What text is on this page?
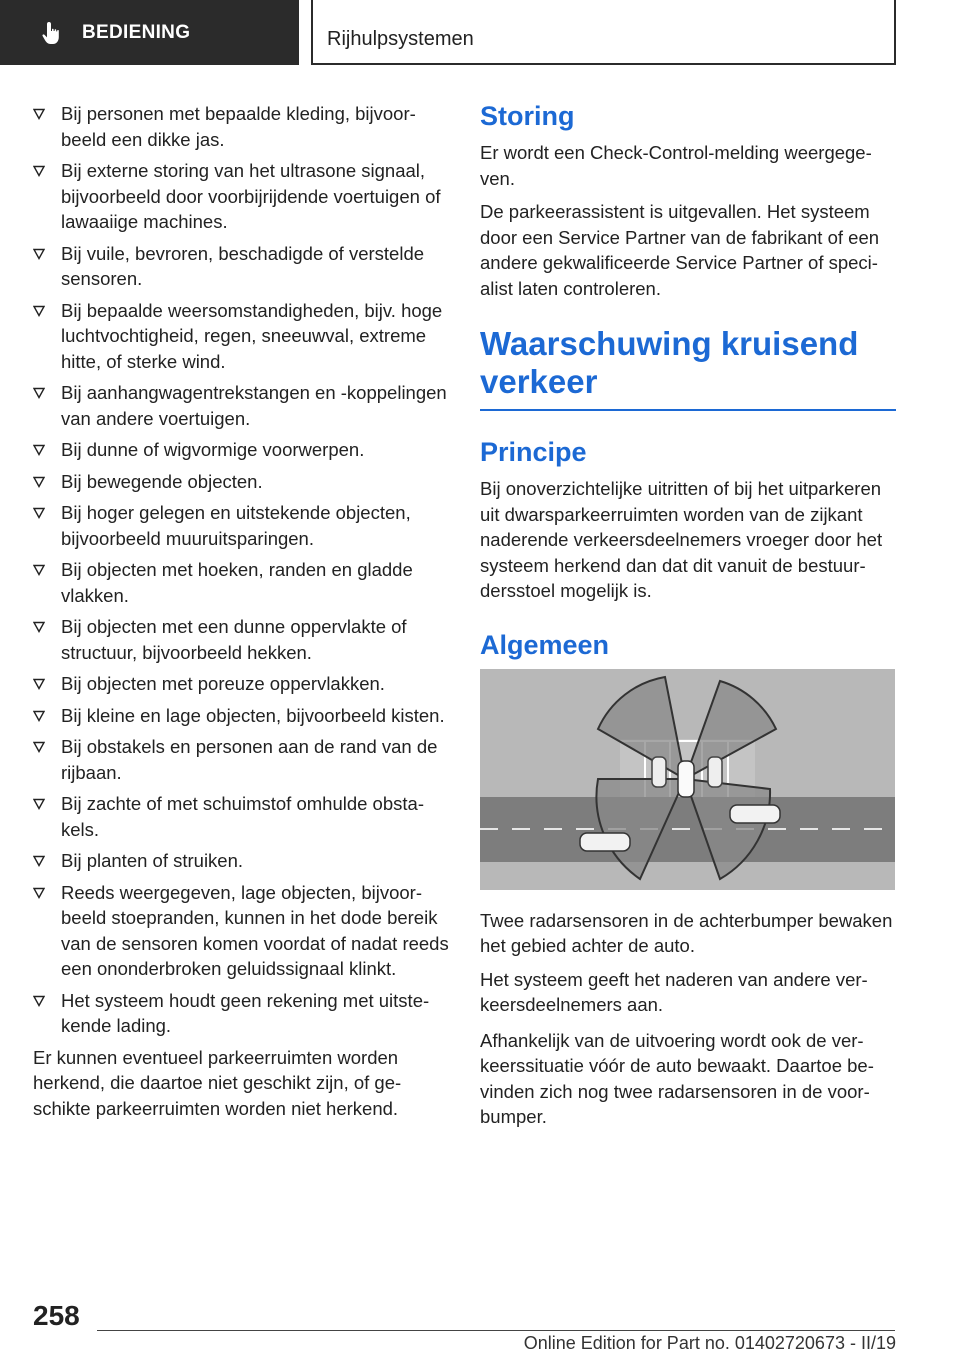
BEDIENING	Rijhulpsystemen
Bij personen met bepaalde kleding, bijvoorbeeld een dikke jas.
Bij externe storing van het ultrasone signaal, bijvoorbeeld door voorbijrijdende voertuigen of lawaaiige machines.
Bij vuile, bevroren, beschadigde of verstelde sensoren.
Bij bepaalde weersomstandigheden, bijv. hoge luchtvochtigheid, regen, sneeuwval, extreme hitte, of sterke wind.
Bij aanhangwagentrekstangen en -koppelingen van andere voertuigen.
Bij dunne of wigvormige voorwerpen.
Bij bewegende objecten.
Bij hoger gelegen en uitstekende objecten, bijvoorbeeld muuruitsparingen.
Bij objecten met hoeken, randen en gladde vlakken.
Bij objecten met een dunne oppervlakte of structuur, bijvoorbeeld hekken.
Bij objecten met poreuze oppervlakken.
Bij kleine en lage objecten, bijvoorbeeld kisten.
Bij obstakels en personen aan de rand van de rijbaan.
Bij zachte of met schuimstof omhulde obstakels.
Bij planten of struiken.
Reeds weergegeven, lage objecten, bijvoorbeeld stoepranden, kunnen in het dode bereik van de sensoren komen voordat of nadat reeds een ononderbroken geluidssignaal klinkt.
Het systeem houdt geen rekening met uitstekende lading.

Er kunnen eventueel parkeerruimten worden herkend, die daartoe niet geschikt zijn, of geschikte parkeerruimten worden niet herkend.

Storing

Er wordt een Check-Control-melding weergegeven.

De parkeerassistent is uitgevallen. Het systeem door een Service Partner van de fabrikant of een andere gekwalificeerde Service Partner of specialist laten controleren.

Waarschuwing kruisend verkeer
Principe

Bij onoverzichtelijke uitritten of bij het uitparkeren uit dwarsparkeerruimten worden van de zijkant naderende verkeersdeelnemers vroeger door het systeem herkend dan dat dit vanuit de bestuurdersstoel mogelijk is.

Algemeen

Twee radarsensoren in de achterbumper bewaken het gebied achter de auto.

Het systeem geeft het naderen van andere verkeersdeelnemers aan.

Afhankelijk van de uitvoering wordt ook de verkeerssituatie vóór de auto bewaakt. Daartoe bevinden zich nog twee radarsensoren in de voorbumper.

258
Online Edition for Part no. 01402720673 - II/19
